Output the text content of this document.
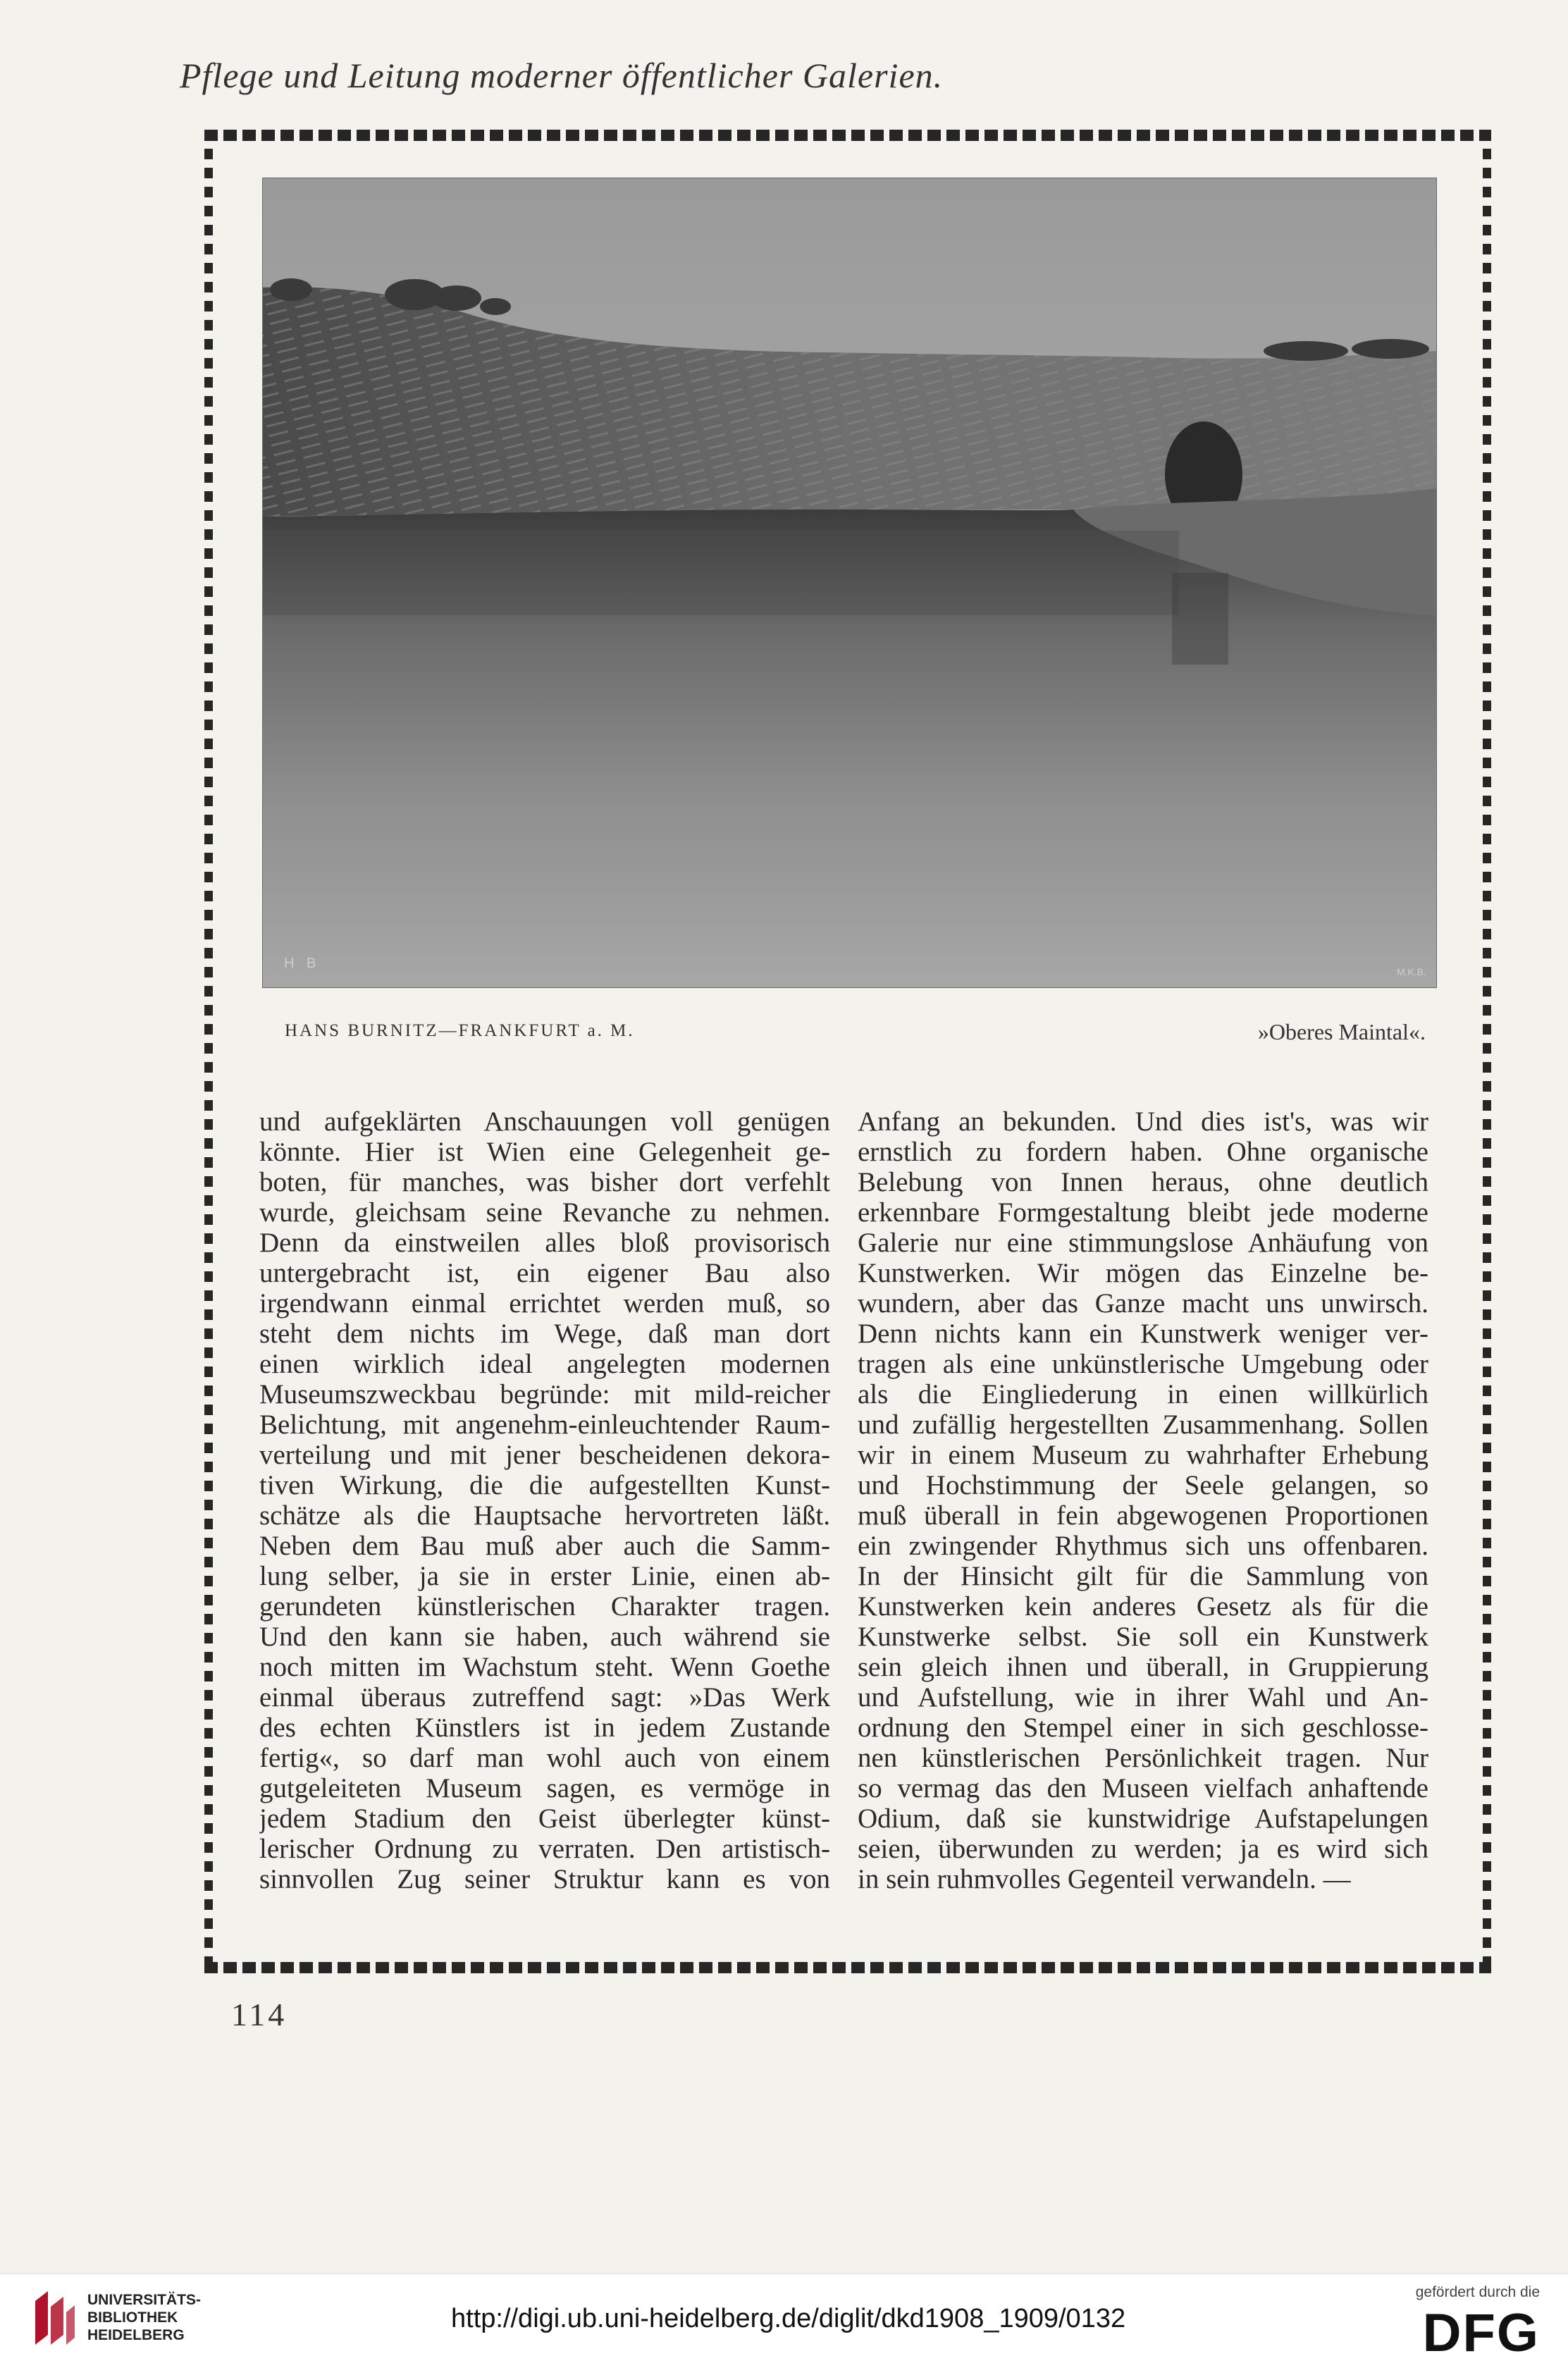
Pflege und Leitung moderner öffentlicher Galerien.
H B
M.K.B.
HANS BURNITZ—FRANKFURT a. M.	»Oberes Maintal«.
und aufgeklärten Anschauungen voll genügen
könnte. Hier ist Wien eine Gelegenheit ge-
boten, für manches, was bisher dort verfehlt
wurde, gleichsam seine Revanche zu nehmen.
Denn da einstweilen alles bloß provisorisch
untergebracht ist, ein eigener Bau also
irgendwann einmal errichtet werden muß, so
steht dem nichts im Wege, daß man dort
einen wirklich ideal angelegten modernen
Museumszweckbau begründe: mit mild-reicher
Belichtung, mit angenehm-einleuchtender Raum-
verteilung und mit jener bescheidenen dekora-
tiven Wirkung, die die aufgestellten Kunst-
schätze als die Hauptsache hervortreten läßt.
Neben dem Bau muß aber auch die Samm-
lung selber, ja sie in erster Linie, einen ab-
gerundeten künstlerischen Charakter tragen.
Und den kann sie haben, auch während sie
noch mitten im Wachstum steht. Wenn Goethe
einmal überaus zutreffend sagt: »Das Werk
des echten Künstlers ist in jedem Zustande
fertig«, so darf man wohl auch von einem
gutgeleiteten Museum sagen, es vermöge in
jedem Stadium den Geist überlegter künst-
lerischer Ordnung zu verraten. Den artistisch-
sinnvollen Zug seiner Struktur kann es von
Anfang an bekunden. Und dies ist's, was wir
ernstlich zu fordern haben. Ohne organische
Belebung von Innen heraus, ohne deutlich
erkennbare Formgestaltung bleibt jede moderne
Galerie nur eine stimmungslose Anhäufung von
Kunstwerken. Wir mögen das Einzelne be-
wundern, aber das Ganze macht uns unwirsch.
Denn nichts kann ein Kunstwerk weniger ver-
tragen als eine unkünstlerische Umgebung oder
als die Eingliederung in einen willkürlich
und zufällig hergestellten Zusammenhang. Sollen
wir in einem Museum zu wahrhafter Erhebung
und Hochstimmung der Seele gelangen, so
muß überall in fein abgewogenen Proportionen
ein zwingender Rhythmus sich uns offenbaren.
In der Hinsicht gilt für die Sammlung von
Kunstwerken kein anderes Gesetz als für die
Kunstwerke selbst. Sie soll ein Kunstwerk
sein gleich ihnen und überall, in Gruppierung
und Aufstellung, wie in ihrer Wahl und An-
ordnung den Stempel einer in sich geschlosse-
nen künstlerischen Persönlichkeit tragen. Nur
so vermag das den Museen vielfach anhaftende
Odium, daß sie kunstwidrige Aufstapelungen
seien, überwunden zu werden; ja es wird sich
in sein ruhmvolles Gegenteil verwandeln. —
114
UNIVERSITÄTS-
BIBLIOTHEK
HEIDELBERG
http://digi.ub.uni-heidelberg.de/diglit/dkd1908_1909/0132
gefördert durch die
DFG
